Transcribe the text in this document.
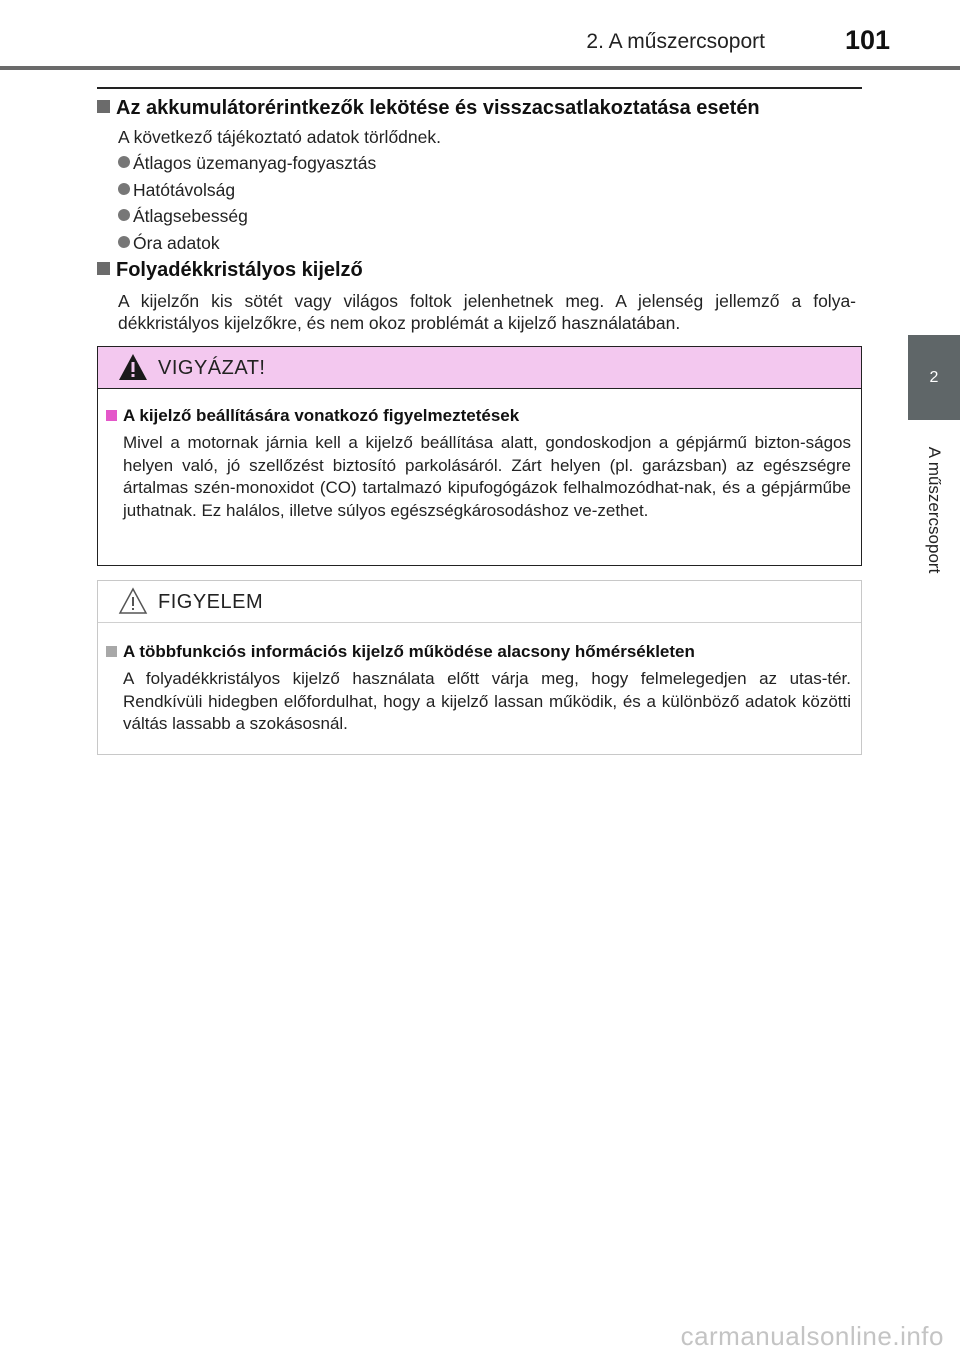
2. A műszercsoport	101
2
A műszercsoport
Az akkumulátorérintkezők lekötése és visszacsatlakoztatása esetén
A következő tájékoztató adatok törlődnek.
Átlagos üzemanyag-fogyasztás
Hatótávolság
Átlagsebesség
Óra adatok
Folyadékkristályos kijelző
A kijelzőn kis sötét vagy világos foltok jelenhetnek meg. A jelenség jellemző a folya-dékkristályos kijelzőkre, és nem okoz problémát a kijelző használatában.
VIGYÁZAT!
A kijelző beállítására vonatkozó figyelmeztetések
Mivel a motornak járnia kell a kijelző beállítása alatt, gondoskodjon a gépjármű bizton-ságos helyen való, jó szellőzést biztosító parkolásáról. Zárt helyen (pl. garázsban) az egészségre ártalmas szén-monoxidot (CO) tartalmazó kipufogógázok felhalmozódhat-nak, és a gépjárműbe juthatnak. Ez halálos, illetve súlyos egészségkárosodáshoz ve-zethet.
FIGYELEM
A többfunkciós információs kijelző működése alacsony hőmérsékleten
A folyadékkristályos kijelző használata előtt várja meg, hogy felmelegedjen az utas-tér. Rendkívüli hidegben előfordulhat, hogy a kijelző lassan működik, és a különböző adatok közötti váltás lassabb a szokásosnál.
carmanualsonline.info
